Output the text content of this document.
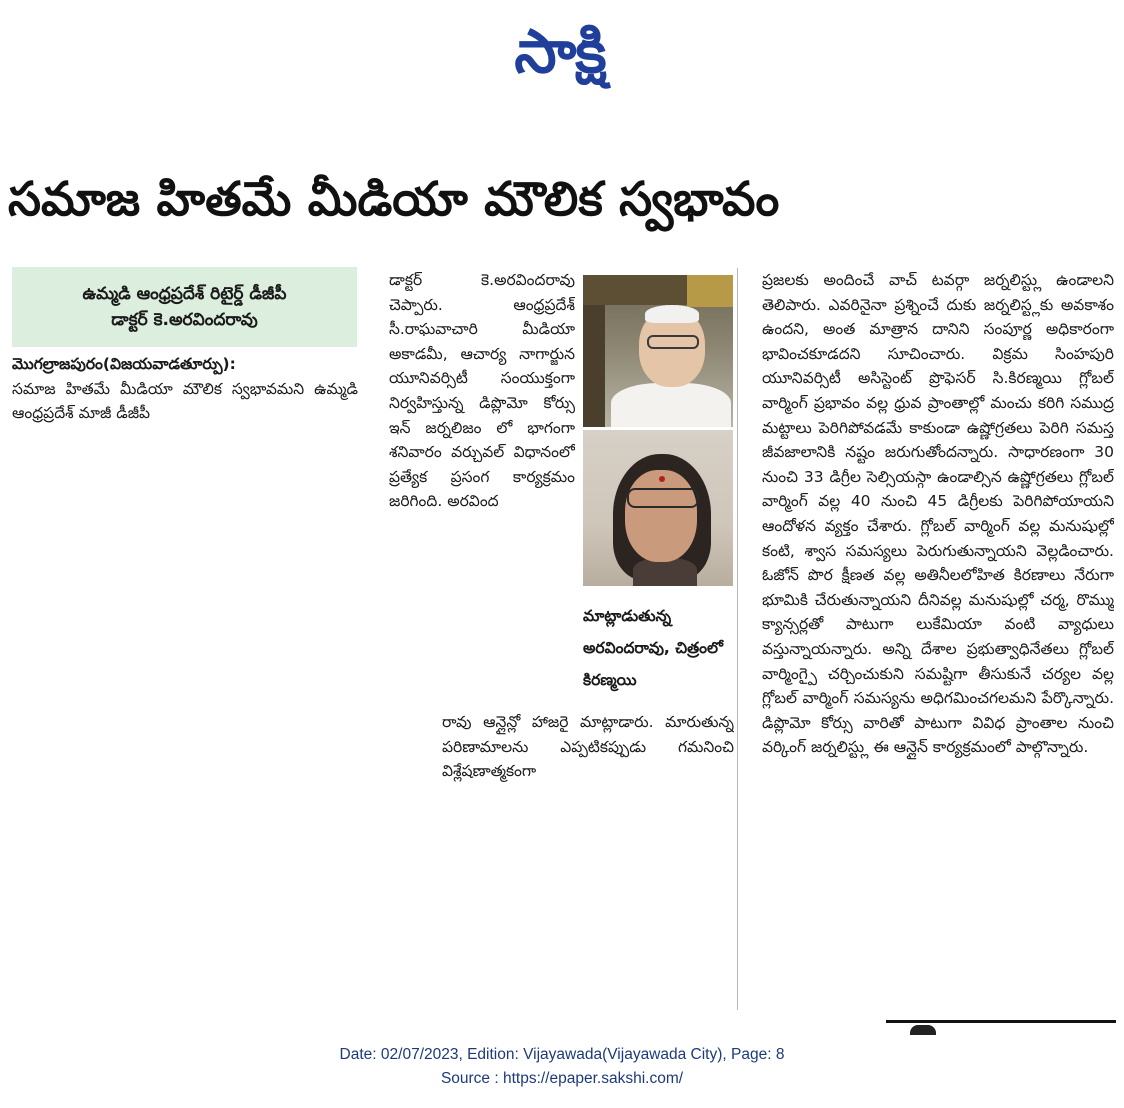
సాక్షి
సమాజ హితమే మీడియా మౌలిక స్వభావం
ఉమ్మడి ఆంధ్రప్రదేశ్ రిటైర్డ్ డీజీపీ
డాక్టర్ కె.అరవిందరావు

మొగల్రాజపురం(విజయవాడతూర్పు):

సమాజ హితమే మీడియా మౌలిక స్వభావమని ఉమ్మడి ఆంధ్రప్రదేశ్ మాజీ డీజీపీ

డాక్టర్ కె.అరవిందరావు చెప్పారు. ఆంధ్రప్రదేశ్ సీ.రాఘవాచారి మీడియా అకాడమీ, ఆచార్య నాగార్జున యూనివర్సిటీ సంయుక్తంగా నిర్వహిస్తున్న డిప్లొమో కోర్సు ఇన్ జర్నలిజం లో భాగంగా శనివారం వర్చువల్ విధానంలో ప్రత్యేక ప్రసంగ కార్యక్రమం జరిగింది. అరవింద

మాట్లాడుతున్న అరవిందరావు, చిత్రంలో కిరణ్మయి

రావు ఆన్లైన్లో హాజరై మాట్లాడారు. మారుతున్న పరిణామాలను ఎప్పటికప్పుడు గమనించి విశ్లేషణాత్మకంగా

ప్రజలకు అందించే వాచ్ టవర్గా జర్నలిస్ట్లు ఉండాలని తెలిపారు. ఎవరినైనా ప్రశ్నించే దుకు జర్నలిస్ట్లకు అవకాశం ఉందని, అంత మాత్రాన దానిని సంపూర్ణ అధికారంగా భావించకూడదని సూచించారు. విక్రమ సింహపురి యూనివర్సిటీ అసిస్టెంట్ ప్రొఫెసర్ సి.కిరణ్మయి గ్లోబల్ వార్మింగ్ ప్రభావం వల్ల ధ్రువ ప్రాంతాల్లో మంచు కరిగి సముద్ర మట్టాలు పెరిగిపోవడమే కాకుండా ఉష్ణోగ్రతలు పెరిగి సమస్త జీవజాలానికి నష్టం జరుగుతోందన్నారు. సాధారణంగా 30 నుంచి 33 డిగ్రీల సెల్సియస్గా ఉండాల్సిన ఉష్ణోగ్రతలు గ్లోబల్ వార్మింగ్ వల్ల 40 నుంచి 45 డిగ్రీలకు పెరిగిపోయాయని ఆందోళన వ్యక్తం చేశారు. గ్లోబల్ వార్మింగ్ వల్ల మనుషుల్లో కంటి, శ్వాస సమస్యలు పెరుగుతున్నాయని వెల్లడించారు. ఓజోన్ పొర క్షీణత వల్ల అతినీలలోహిత కిరణాలు నేరుగా భూమికి చేరుతున్నాయని దీనివల్ల మనుషుల్లో చర్మ, రొమ్ము క్యాన్సర్లతో పాటుగా లుకేమియా వంటి వ్యాధులు వస్తున్నాయన్నారు. అన్ని దేశాల ప్రభుత్వాధినేతలు గ్లోబల్ వార్మింగ్పై చర్చించుకుని సమష్టిగా తీసుకునే చర్యల వల్ల గ్లోబల్ వార్మింగ్ సమస్యను అధిగమించగలమని పేర్కొన్నారు. డిప్లొమో కోర్సు వారితో పాటుగా వివిధ ప్రాంతాల నుంచి వర్కింగ్ జర్నలిస్ట్లు ఈ ఆన్లైన్ కార్యక్రమంలో పాల్గొన్నారు.

Date: 02/07/2023, Edition: Vijayawada(Vijayawada City), Page: 8
Source : https://epaper.sakshi.com/
